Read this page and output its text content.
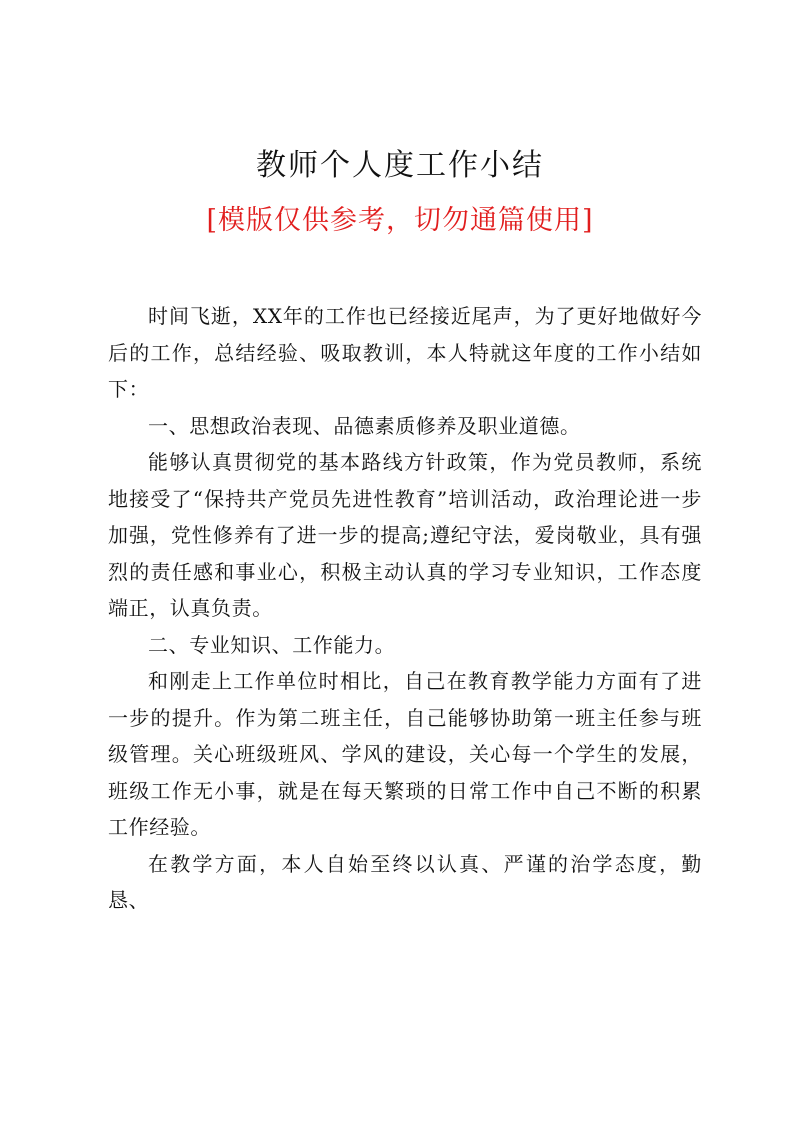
教师个人度工作小结
[模版仅供参考，切勿通篇使用]

时间飞逝，XX年的工作也已经接近尾声，为了更好地做好今后的工作，总结经验、吸取教训，本人特就这年度的工作小结如下：

一、思想政治表现、品德素质修养及职业道德。

能够认真贯彻党的基本路线方针政策，作为党员教师，系统地接受了“保持共产党员先进性教育”培训活动，政治理论进一步加强，党性修养有了进一步的提高;遵纪守法，爱岗敬业，具有强烈的责任感和事业心，积极主动认真的学习专业知识，工作态度端正，认真负责。

二、专业知识、工作能力。

和刚走上工作单位时相比，自己在教育教学能力方面有了进一步的提升。作为第二班主任，自己能够协助第一班主任参与班级管理。关心班级班风、学风的建设，关心每一个学生的发展，班级工作无小事，就是在每天繁琐的日常工作中自己不断的积累工作经验。

在教学方面，本人自始至终以认真、严谨的治学态度，勤恳、
